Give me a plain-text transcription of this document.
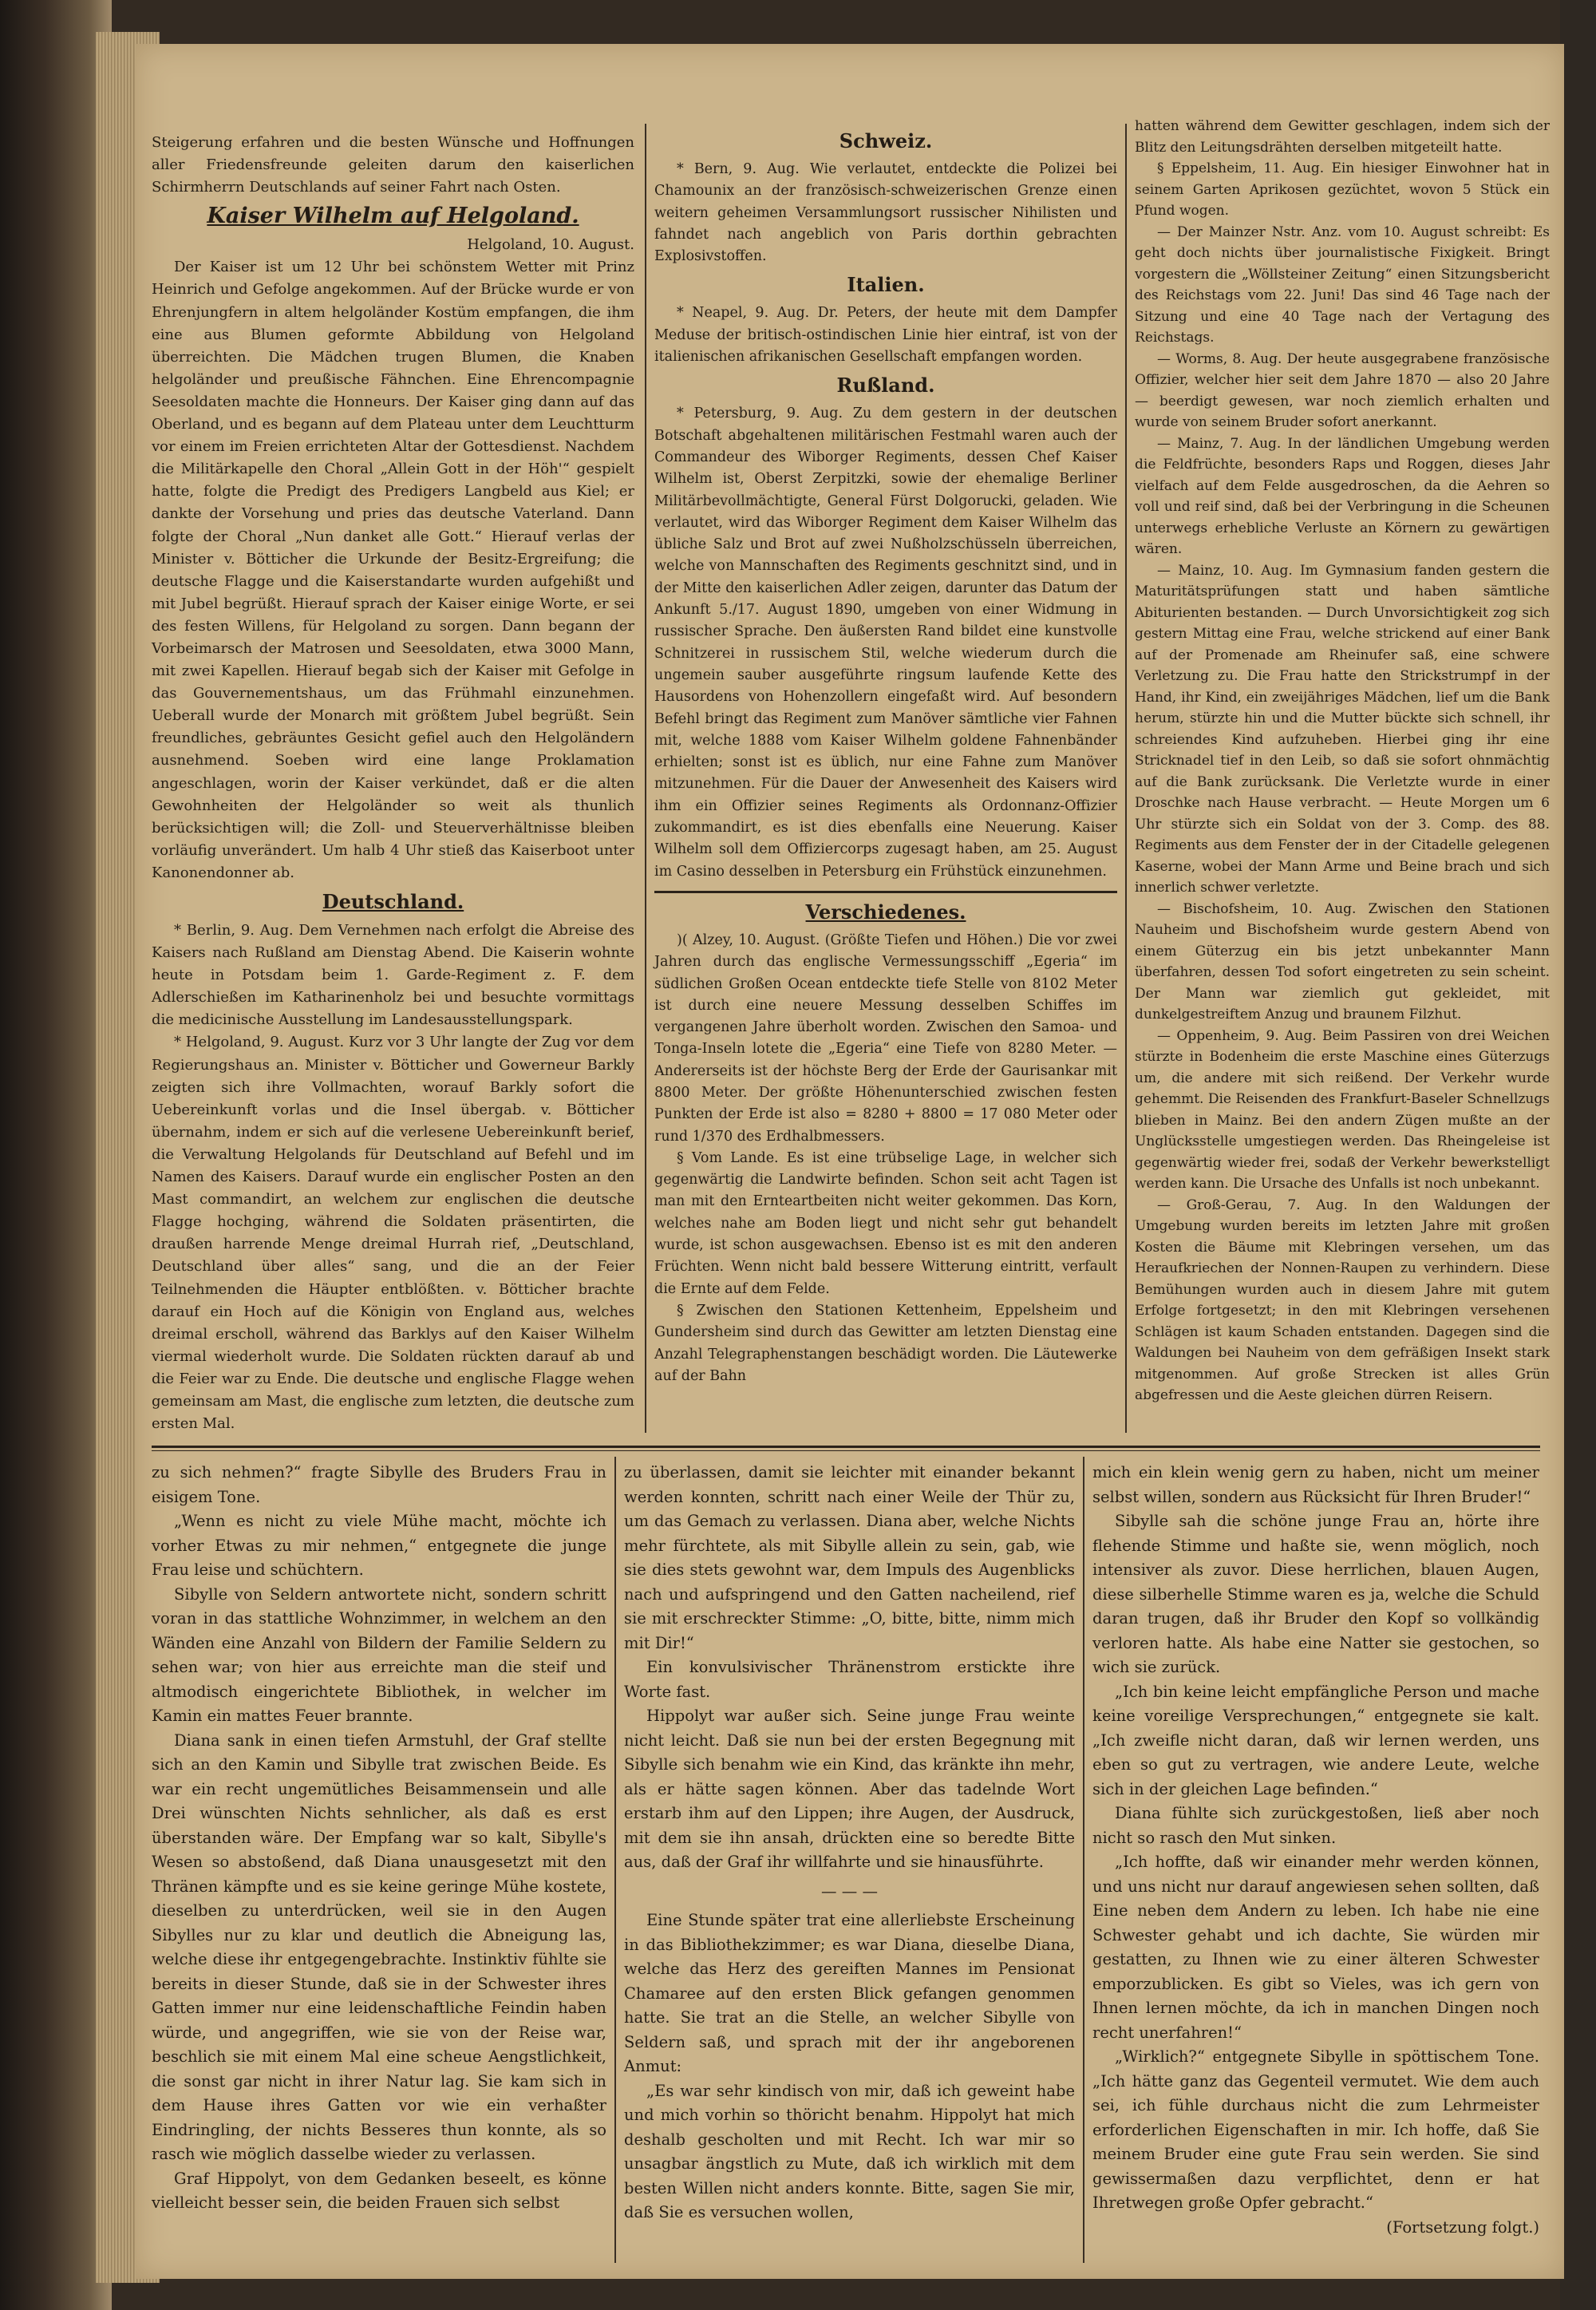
Steigerung erfahren und die besten Wünsche und Hoffnungen aller Friedensfreunde geleiten darum den kaiserlichen Schirmherrn Deutschlands auf seiner Fahrt nach Osten.

Kaiser Wilhelm auf Helgoland.

Helgoland, 10. August.

Der Kaiser ist um 12 Uhr bei schönstem Wetter mit Prinz Heinrich und Gefolge angekommen. Auf der Brücke wurde er von Ehrenjungfern in altem helgoländer Kostüm empfangen, die ihm eine aus Blumen geformte Abbildung von Helgoland überreichten. Die Mädchen trugen Blumen, die Knaben helgoländer und preußische Fähnchen. Eine Ehrencompagnie Seesoldaten machte die Honneurs. Der Kaiser ging dann auf das Oberland, und es begann auf dem Plateau unter dem Leuchtturm vor einem im Freien errichteten Altar der Gottesdienst. Nachdem die Militärkapelle den Choral „Allein Gott in der Höh'“ gespielt hatte, folgte die Predigt des Predigers Langbeld aus Kiel; er dankte der Vorsehung und pries das deutsche Vaterland. Dann folgte der Choral „Nun danket alle Gott.“ Hierauf verlas der Minister v. Bötticher die Urkunde der Besitz-Ergreifung; die deutsche Flagge und die Kaiserstandarte wurden aufgehißt und mit Jubel begrüßt. Hierauf sprach der Kaiser einige Worte, er sei des festen Willens, für Helgoland zu sorgen. Dann begann der Vorbeimarsch der Matrosen und Seesoldaten, etwa 3000 Mann, mit zwei Kapellen. Hierauf begab sich der Kaiser mit Gefolge in das Gouvernementshaus, um das Frühmahl einzunehmen. Ueberall wurde der Monarch mit größtem Jubel begrüßt. Sein freundliches, gebräuntes Gesicht gefiel auch den Helgoländern ausnehmend. Soeben wird eine lange Proklamation angeschlagen, worin der Kaiser verkündet, daß er die alten Gewohnheiten der Helgoländer so weit als thunlich berücksichtigen will; die Zoll- und Steuerverhältnisse bleiben vorläufig unverändert. Um halb 4 Uhr stieß das Kaiserboot unter Kanonendonner ab.

Deutschland.

* Berlin, 9. Aug. Dem Vernehmen nach erfolgt die Abreise des Kaisers nach Rußland am Dienstag Abend. Die Kaiserin wohnte heute in Potsdam beim 1. Garde-Regiment z. F. dem Adlerschießen im Katharinenholz bei und besuchte vormittags die medicinische Ausstellung im Landesausstellungspark.

* Helgoland, 9. August. Kurz vor 3 Uhr langte der Zug vor dem Regierungshaus an. Minister v. Bötticher und Gowerneur Barkly zeigten sich ihre Vollmachten, worauf Barkly sofort die Uebereinkunft vorlas und die Insel übergab. v. Bötticher übernahm, indem er sich auf die verlesene Uebereinkunft berief, die Verwaltung Helgolands für Deutschland auf Befehl und im Namen des Kaisers. Darauf wurde ein englischer Posten an den Mast commandirt, an welchem zur englischen die deutsche Flagge hochging, während die Soldaten präsentirten, die draußen harrende Menge dreimal Hurrah rief, „Deutschland, Deutschland über alles“ sang, und die an der Feier Teilnehmenden die Häupter entblößten. v. Bötticher brachte darauf ein Hoch auf die Königin von England aus, welches dreimal erscholl, während das Barklys auf den Kaiser Wilhelm viermal wiederholt wurde. Die Soldaten rückten darauf ab und die Feier war zu Ende. Die deutsche und englische Flagge wehen gemeinsam am Mast, die englische zum letzten, die deutsche zum ersten Mal.

Schweiz.

* Bern, 9. Aug. Wie verlautet, entdeckte die Polizei bei Chamounix an der französisch-schweizerischen Grenze einen weitern geheimen Versammlungsort russischer Nihilisten und fahndet nach angeblich von Paris dorthin gebrachten Explosivstoffen.

Italien.

* Neapel, 9. Aug. Dr. Peters, der heute mit dem Dampfer Meduse der britisch-ostindischen Linie hier eintraf, ist von der italienischen afrikanischen Gesellschaft empfangen worden.

Rußland.

* Petersburg, 9. Aug. Zu dem gestern in der deutschen Botschaft abgehaltenen militärischen Festmahl waren auch der Commandeur des Wiborger Regiments, dessen Chef Kaiser Wilhelm ist, Oberst Zerpitzki, sowie der ehemalige Berliner Militärbevollmächtigte, General Fürst Dolgorucki, geladen. Wie verlautet, wird das Wiborger Regiment dem Kaiser Wilhelm das übliche Salz und Brot auf zwei Nußholzschüsseln überreichen, welche von Mannschaften des Regiments geschnitzt sind, und in der Mitte den kaiserlichen Adler zeigen, darunter das Datum der Ankunft 5./17. August 1890, umgeben von einer Widmung in russischer Sprache. Den äußersten Rand bildet eine kunstvolle Schnitzerei in russischem Stil, welche wiederum durch die ungemein sauber ausgeführte ringsum laufende Kette des Hausordens von Hohenzollern eingefaßt wird. Auf besondern Befehl bringt das Regiment zum Manöver sämtliche vier Fahnen mit, welche 1888 vom Kaiser Wilhelm goldene Fahnenbänder erhielten; sonst ist es üblich, nur eine Fahne zum Manöver mitzunehmen. Für die Dauer der Anwesenheit des Kaisers wird ihm ein Offizier seines Regiments als Ordonnanz-Offizier zukommandirt, es ist dies ebenfalls eine Neuerung. Kaiser Wilhelm soll dem Offiziercorps zugesagt haben, am 25. August im Casino desselben in Petersburg ein Frühstück einzunehmen.

Verschiedenes.

)( Alzey, 10. August. (Größte Tiefen und Höhen.) Die vor zwei Jahren durch das englische Vermessungsschiff „Egeria“ im südlichen Großen Ocean entdeckte tiefe Stelle von 8102 Meter ist durch eine neuere Messung desselben Schiffes im vergangenen Jahre überholt worden. Zwischen den Samoa- und Tonga-Inseln lotete die „Egeria“ eine Tiefe von 8280 Meter. — Andererseits ist der höchste Berg der Erde der Gaurisankar mit 8800 Meter. Der größte Höhenunterschied zwischen festen Punkten der Erde ist also = 8280 + 8800 = 17 080 Meter oder rund 1/370 des Erdhalbmessers.

§ Vom Lande. Es ist eine trübselige Lage, in welcher sich gegenwärtig die Landwirte befinden. Schon seit acht Tagen ist man mit den Ernteartbeiten nicht weiter gekommen. Das Korn, welches nahe am Boden liegt und nicht sehr gut behandelt wurde, ist schon ausgewachsen. Ebenso ist es mit den anderen Früchten. Wenn nicht bald bessere Witterung eintritt, verfault die Ernte auf dem Felde.

§ Zwischen den Stationen Kettenheim, Eppelsheim und Gundersheim sind durch das Gewitter am letzten Dienstag eine Anzahl Telegraphenstangen beschädigt worden. Die Läutewerke auf der Bahn

hatten während dem Gewitter geschlagen, indem sich der Blitz den Leitungsdrähten derselben mitgeteilt hatte.

§ Eppelsheim, 11. Aug. Ein hiesiger Einwohner hat in seinem Garten Aprikosen gezüchtet, wovon 5 Stück ein Pfund wogen.

— Der Mainzer Nstr. Anz. vom 10. August schreibt: Es geht doch nichts über journalistische Fixigkeit. Bringt vorgestern die „Wöllsteiner Zeitung“ einen Sitzungsbericht des Reichstags vom 22. Juni! Das sind 46 Tage nach der Sitzung und eine 40 Tage nach der Vertagung des Reichstags.

— Worms, 8. Aug. Der heute ausgegrabene französische Offizier, welcher hier seit dem Jahre 1870 — also 20 Jahre — beerdigt gewesen, war noch ziemlich erhalten und wurde von seinem Bruder sofort anerkannt.

— Mainz, 7. Aug. In der ländlichen Umgebung werden die Feldfrüchte, besonders Raps und Roggen, dieses Jahr vielfach auf dem Felde ausgedroschen, da die Aehren so voll und reif sind, daß bei der Verbringung in die Scheunen unterwegs erhebliche Verluste an Körnern zu gewärtigen wären.

— Mainz, 10. Aug. Im Gymnasium fanden gestern die Maturitätsprüfungen statt und haben sämtliche Abiturienten bestanden. — Durch Unvorsichtigkeit zog sich gestern Mittag eine Frau, welche strickend auf einer Bank auf der Promenade am Rheinufer saß, eine schwere Verletzung zu. Die Frau hatte den Strickstrumpf in der Hand, ihr Kind, ein zweijähriges Mädchen, lief um die Bank herum, stürzte hin und die Mutter bückte sich schnell, ihr schreiendes Kind aufzuheben. Hierbei ging ihr eine Stricknadel tief in den Leib, so daß sie sofort ohnmächtig auf die Bank zurücksank. Die Verletzte wurde in einer Droschke nach Hause verbracht. — Heute Morgen um 6 Uhr stürzte sich ein Soldat von der 3. Comp. des 88. Regiments aus dem Fenster der in der Citadelle gelegenen Kaserne, wobei der Mann Arme und Beine brach und sich innerlich schwer verletzte.

— Bischofsheim, 10. Aug. Zwischen den Stationen Nauheim und Bischofsheim wurde gestern Abend von einem Güterzug ein bis jetzt unbekannter Mann überfahren, dessen Tod sofort eingetreten zu sein scheint. Der Mann war ziemlich gut gekleidet, mit dunkelgestreiftem Anzug und braunem Filzhut.

— Oppenheim, 9. Aug. Beim Passiren von drei Weichen stürzte in Bodenheim die erste Maschine eines Güterzugs um, die andere mit sich reißend. Der Verkehr wurde gehemmt. Die Reisenden des Frankfurt-Baseler Schnellzugs blieben in Mainz. Bei den andern Zügen mußte an der Unglücksstelle umgestiegen werden. Das Rheingeleise ist gegenwärtig wieder frei, sodaß der Verkehr bewerkstelligt werden kann. Die Ursache des Unfalls ist noch unbekannt.

— Groß-Gerau, 7. Aug. In den Waldungen der Umgebung wurden bereits im letzten Jahre mit großen Kosten die Bäume mit Klebringen versehen, um das Heraufkriechen der Nonnen-Raupen zu verhindern. Diese Bemühungen wurden auch in diesem Jahre mit gutem Erfolge fortgesetzt; in den mit Klebringen versehenen Schlägen ist kaum Schaden entstanden. Dagegen sind die Waldungen bei Nauheim von dem gefräßigen Insekt stark mitgenommen. Auf große Strecken ist alles Grün abgefressen und die Aeste gleichen dürren Reisern.

zu sich nehmen?“ fragte Sibylle des Bruders Frau in eisigem Tone.

„Wenn es nicht zu viele Mühe macht, möchte ich vorher Etwas zu mir nehmen,“ entgegnete die junge Frau leise und schüchtern.

Sibylle von Seldern antwortete nicht, sondern schritt voran in das stattliche Wohnzimmer, in welchem an den Wänden eine Anzahl von Bildern der Familie Seldern zu sehen war; von hier aus erreichte man die steif und altmodisch eingerichtete Bibliothek, in welcher im Kamin ein mattes Feuer brannte.

Diana sank in einen tiefen Armstuhl, der Graf stellte sich an den Kamin und Sibylle trat zwischen Beide. Es war ein recht ungemütliches Beisammensein und alle Drei wünschten Nichts sehnlicher, als daß es erst überstanden wäre. Der Empfang war so kalt, Sibylle's Wesen so abstoßend, daß Diana unausgesetzt mit den Thränen kämpfte und es sie keine geringe Mühe kostete, dieselben zu unterdrücken, weil sie in den Augen Sibylles nur zu klar und deutlich die Abneigung las, welche diese ihr entgegengebrachte. Instinktiv fühlte sie bereits in dieser Stunde, daß sie in der Schwester ihres Gatten immer nur eine leidenschaftliche Feindin haben würde, und angegriffen, wie sie von der Reise war, beschlich sie mit einem Mal eine scheue Aengstlichkeit, die sonst gar nicht in ihrer Natur lag. Sie kam sich in dem Hause ihres Gatten vor wie ein verhaßter Eindringling, der nichts Besseres thun konnte, als so rasch wie möglich dasselbe wieder zu verlassen.

Graf Hippolyt, von dem Gedanken beseelt, es könne vielleicht besser sein, die beiden Frauen sich selbst

zu überlassen, damit sie leichter mit einander bekannt werden konnten, schritt nach einer Weile der Thür zu, um das Gemach zu verlassen. Diana aber, welche Nichts mehr fürchtete, als mit Sibylle allein zu sein, gab, wie sie dies stets gewohnt war, dem Impuls des Augenblicks nach und aufspringend und den Gatten nacheilend, rief sie mit erschreckter Stimme: „O, bitte, bitte, nimm mich mit Dir!“

Ein konvulsivischer Thränenstrom erstickte ihre Worte fast.

Hippolyt war außer sich. Seine junge Frau weinte nicht leicht. Daß sie nun bei der ersten Begegnung mit Sibylle sich benahm wie ein Kind, das kränkte ihn mehr, als er hätte sagen können. Aber das tadelnde Wort erstarb ihm auf den Lippen; ihre Augen, der Ausdruck, mit dem sie ihn ansah, drückten eine so beredte Bitte aus, daß der Graf ihr willfahrte und sie hinausführte.

— — —

Eine Stunde später trat eine allerliebste Erscheinung in das Bibliothekzimmer; es war Diana, dieselbe Diana, welche das Herz des gereiften Mannes im Pensionat Chamaree auf den ersten Blick gefangen genommen hatte. Sie trat an die Stelle, an welcher Sibylle von Seldern saß, und sprach mit der ihr angeborenen Anmut:

„Es war sehr kindisch von mir, daß ich geweint habe und mich vorhin so thöricht benahm. Hippolyt hat mich deshalb gescholten und mit Recht. Ich war mir so unsagbar ängstlich zu Mute, daß ich wirklich mit dem besten Willen nicht anders konnte. Bitte, sagen Sie mir, daß Sie es versuchen wollen,

mich ein klein wenig gern zu haben, nicht um meiner selbst willen, sondern aus Rücksicht für Ihren Bruder!“

Sibylle sah die schöne junge Frau an, hörte ihre flehende Stimme und haßte sie, wenn möglich, noch intensiver als zuvor. Diese herrlichen, blauen Augen, diese silberhelle Stimme waren es ja, welche die Schuld daran trugen, daß ihr Bruder den Kopf so vollkändig verloren hatte. Als habe eine Natter sie gestochen, so wich sie zurück.

„Ich bin keine leicht empfängliche Person und mache keine voreilige Versprechungen,“ entgegnete sie kalt. „Ich zweifle nicht daran, daß wir lernen werden, uns eben so gut zu vertragen, wie andere Leute, welche sich in der gleichen Lage befinden.“

Diana fühlte sich zurückgestoßen, ließ aber noch nicht so rasch den Mut sinken.

„Ich hoffte, daß wir einander mehr werden können, und uns nicht nur darauf angewiesen sehen sollten, daß Eine neben dem Andern zu leben. Ich habe nie eine Schwester gehabt und ich dachte, Sie würden mir gestatten, zu Ihnen wie zu einer älteren Schwester emporzublicken. Es gibt so Vieles, was ich gern von Ihnen lernen möchte, da ich in manchen Dingen noch recht unerfahren!“

„Wirklich?“ entgegnete Sibylle in spöttischem Tone. „Ich hätte ganz das Gegenteil vermutet. Wie dem auch sei, ich fühle durchaus nicht die zum Lehrmeister erforderlichen Eigenschaften in mir. Ich hoffe, daß Sie meinem Bruder eine gute Frau sein werden. Sie sind gewissermaßen dazu verpflichtet, denn er hat Ihretwegen große Opfer gebracht.“

(Fortsetzung folgt.)
